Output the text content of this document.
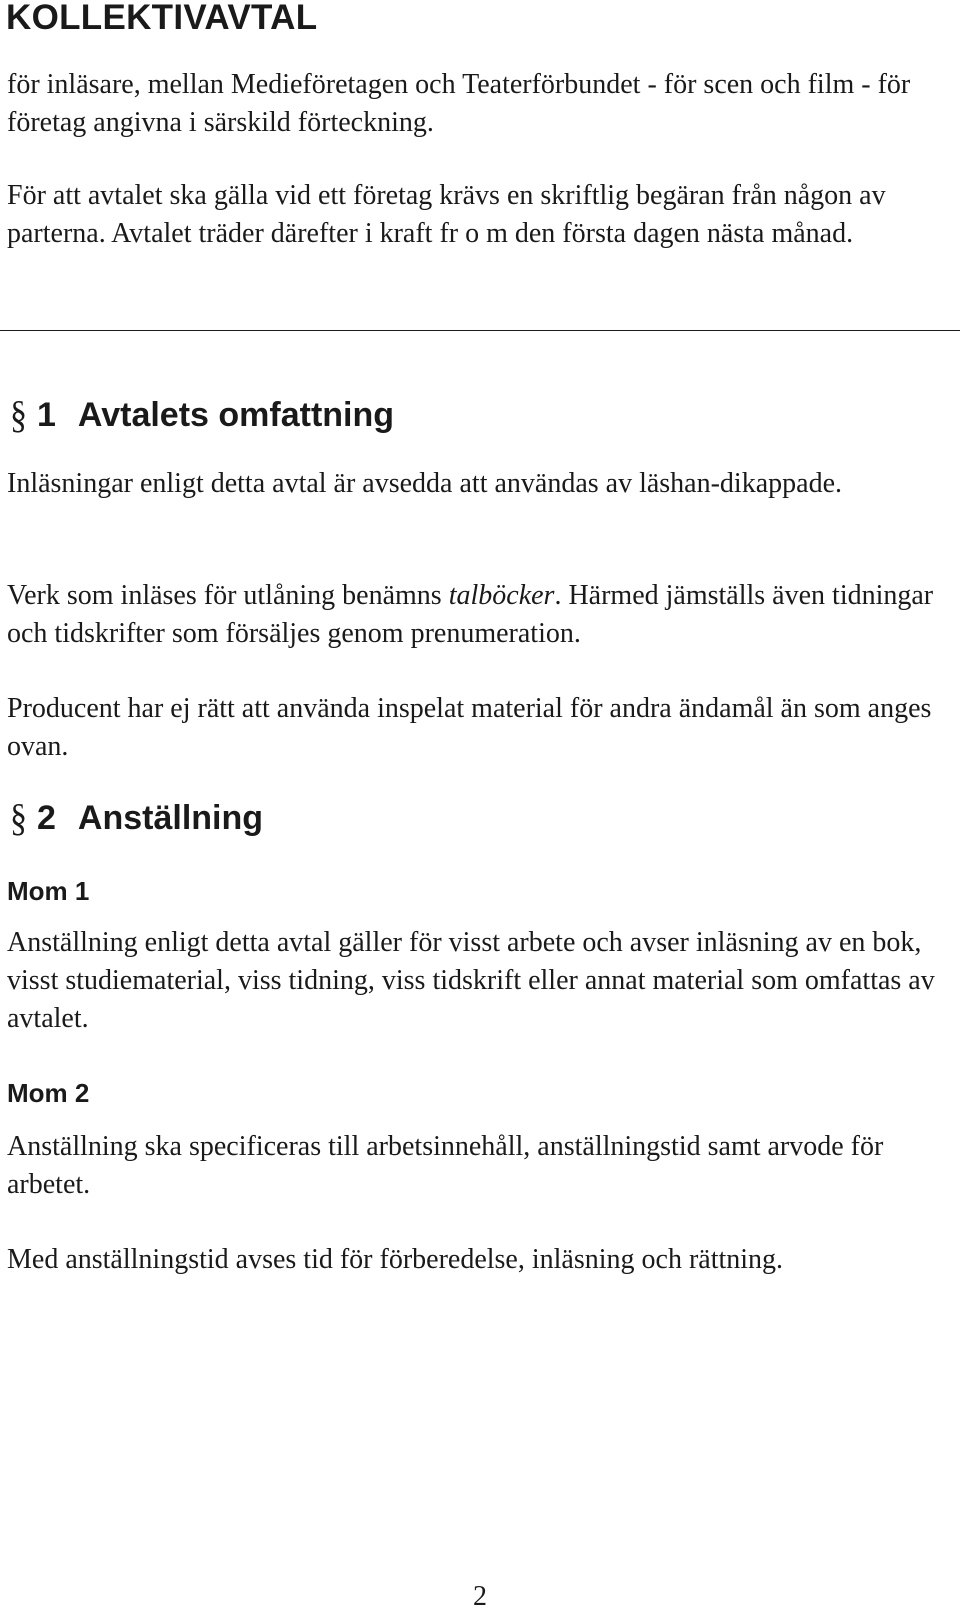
KOLLEKTIVAVTAL

för inläsare, mellan Medieföretagen och Teaterförbundet - för scen och film - för företag angivna i särskild förteckning.

För att avtalet ska gälla vid ett företag krävs en skriftlig begäran från någon av parterna. Avtalet träder därefter i kraft fr o m den första dagen nästa månad.

§ 1 Avtalets omfattning

Inläsningar enligt detta avtal är avsedda att användas av läshan-dikappade.

Verk som inläses för utlåning benämns talböcker. Härmed jämställs även tidningar och tidskrifter som försäljes genom prenumeration.

Producent har ej rätt att använda inspelat material för andra ändamål än som anges ovan.

§ 2 Anställning
Mom 1

Anställning enligt detta avtal gäller för visst arbete och avser inläsning av en bok, visst studiematerial, viss tidning, viss tidskrift eller annat material som omfattas av avtalet.

Mom 2

Anställning ska specificeras till arbetsinnehåll, anställningstid samt arvode för arbetet.

Med anställningstid avses tid för förberedelse, inläsning och rättning.

2
